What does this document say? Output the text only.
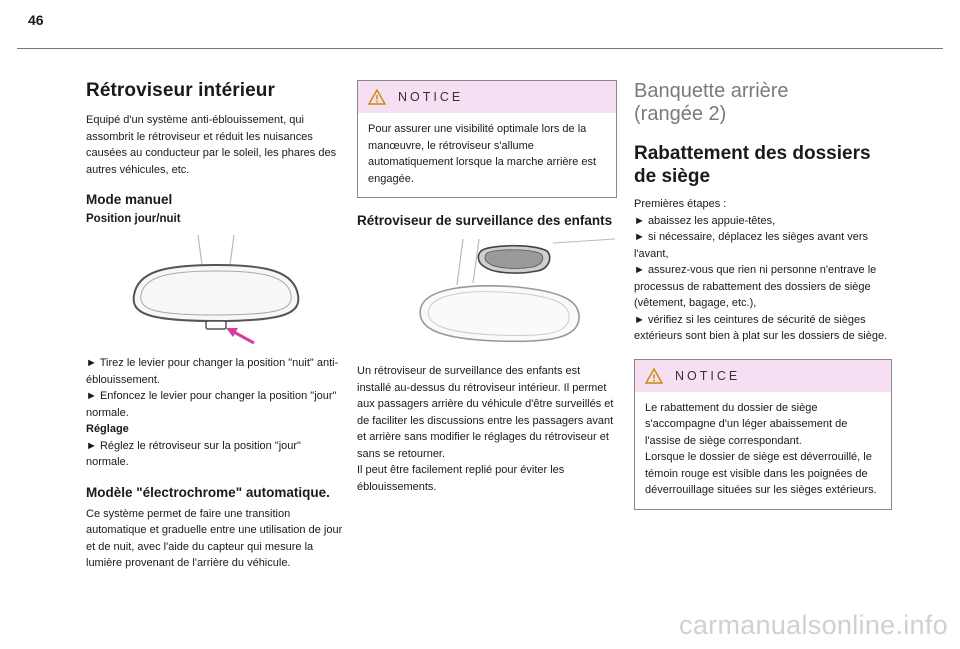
46
Rétroviseur intérieur

Equipé d'un système anti-éblouissement, qui assombrit le rétroviseur et réduit les nuisances causées au conducteur par le soleil, les phares des autres véhicules, etc.

Mode manuel
Position jour/nuit

► Tirez le levier pour changer la position "nuit" anti-éblouissement.

► Enfoncez le levier pour changer la position "jour" normale.

Réglage

► Réglez le rétroviseur sur la position "jour" normale.

Modèle "électrochrome" automatique.

Ce système permet de faire une transition automatique et graduelle entre une utilisation de jour et de nuit, avec l'aide du capteur qui mesure la lumière provenant de l'arrière du véhicule.

NOTICE

Pour assurer une visibilité optimale lors de la manœuvre, le rétroviseur s'allume automatiquement lorsque la marche arrière est engagée.

Rétroviseur de surveillance des enfants

Un rétroviseur de surveillance des enfants est installé au-dessus du rétroviseur intérieur. Il permet aux passagers arrière du véhicule d'être surveillés et de faciliter les discussions entre les passagers avant et arrière sans modifier le réglages du rétroviseur et sans se retourner.

Il peut être facilement replié pour éviter les éblouissements.

Banquette arrière
(rangée 2)
Rabattement des dossiers
de siège

Premières étapes :

► abaissez les appuie-têtes,

► si nécessaire, déplacez les sièges avant vers l'avant,

► assurez-vous que rien ni personne n'entrave le processus de rabattement des dossiers de siège (vêtement, bagage, etc.),

► vérifiez si les ceintures de sécurité de sièges extérieurs sont bien à plat sur les dossiers de siège.

NOTICE

Le rabattement du dossier de siège s'accompagne d'un léger abaissement de l'assise de siège correspondant.

Lorsque le dossier de siège est déverrouillé, le témoin rouge est visible dans les poignées de déverrouillage situées sur les sièges extérieurs.

carmanualsonline.info
